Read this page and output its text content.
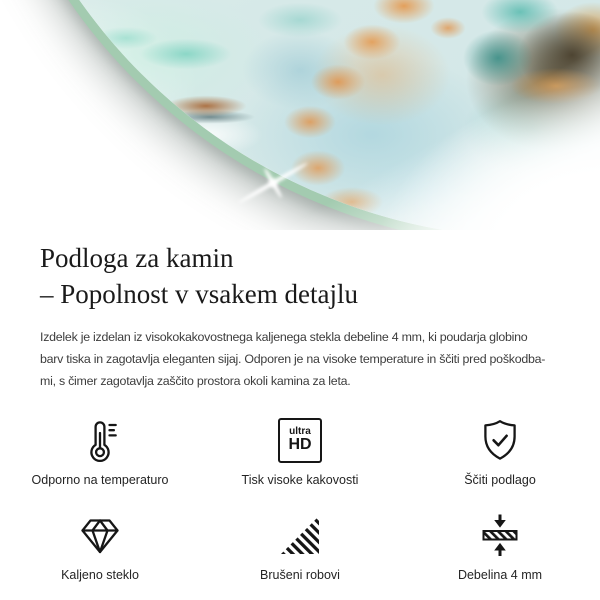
Podloga za kamin
– Popolnost v vsakem detajlu

Izdelek je izdelan iz visokokakovostnega kaljenega stekla debeline 4 mm, ki poudarja globino
barv tiska in zagotavlja eleganten sijaj. Odporen je na visoke temperature in ščiti pred poškodba-
mi, s čimer zagotavlja zaščito prostora okoli kamina za leta.

Odporno na temperaturo
ultra
HD
Tisk visoke kakovosti	Ščiti podlago
Kaljeno steklo	Brušeni robovi	Debelina 4 mm
